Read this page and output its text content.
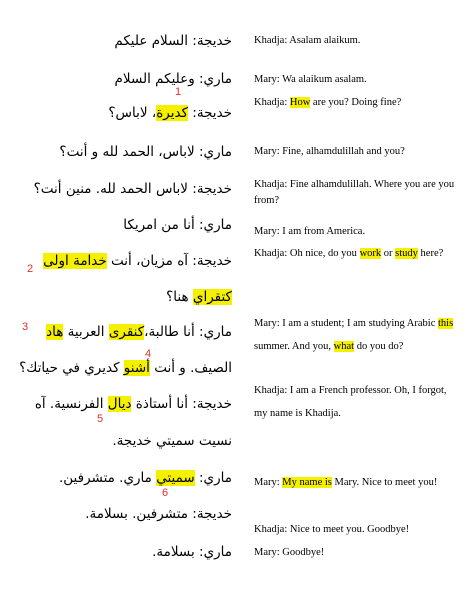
خديجة: السلام عليكم
ماري: وعليكم السلام
خديجة: كديرة، لاباس؟
ماري: لاباس، الحمد لله و أنت؟
خديجة: لاباس الحمد لله. منين أنت؟
ماري: أنا من امريكا
خديجة: آه مزيان، أنت خدامة اولى
كتقراي هنا؟
ماري: أنا طالبة،كنقرى العربية هاد
الصيف. و أنت أشنو كديري في حياتك؟
خديجة: أنا أستاذة ديال الفرنسية. آه
نسيت سميتي خديجة.
ماري: سميتي ماري. متشرفين.
خديجة: متشرفين. بسلامة.
ماري: بسلامة.
1
2
3
4
5
6
Khadja: Asalam alaikum.
Mary: Wa alaikum asalam.
Khadja: How are you? Doing fine?
Mary: Fine, alhamdulillah and you?
Khadja: Fine alhamdulillah. Where you are you
from?
Mary: I am from America.
Khadja: Oh nice, do you work or study here?
Mary: I am a student; I am studying Arabic this
summer. And you, what do you do?
Khadja: I am a French professor. Oh, I forgot,
my name is Khadija.
Mary: My name is Mary. Nice to meet you!
Khadja: Nice to meet you. Goodbye!
Mary: Goodbye!
